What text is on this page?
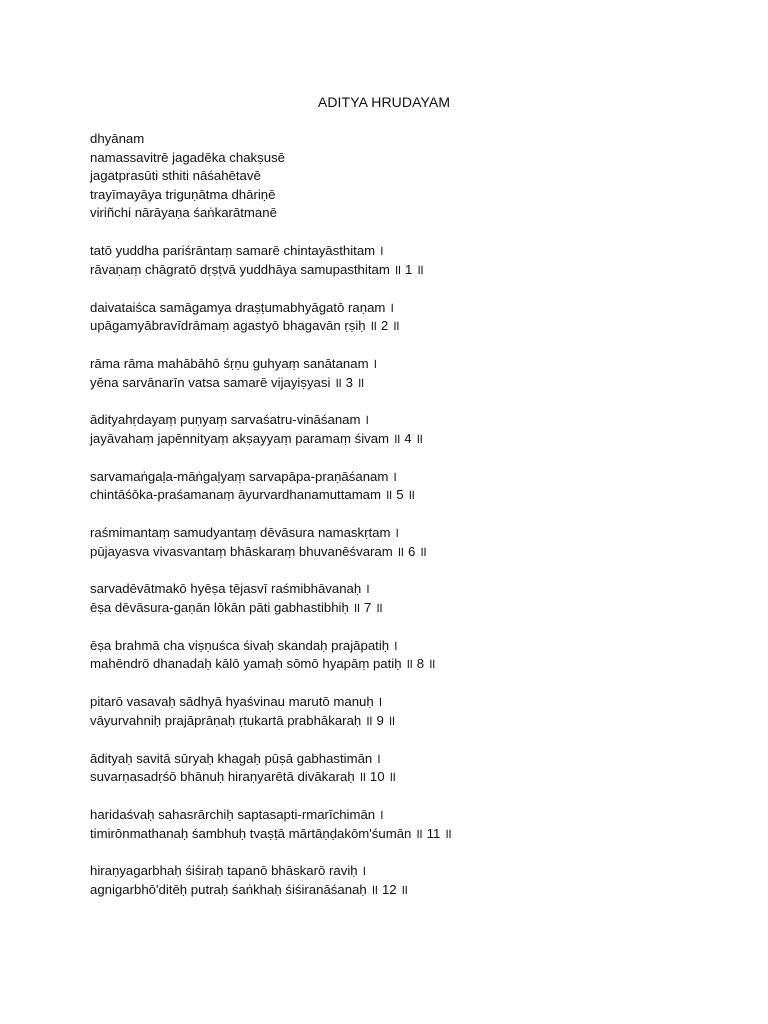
ADITYA HRUDAYAM
dhyānam
namassavitrē jagadēka chakṣusē
jagatprasūti sthiti nāśahētavē
trayīmayāya triguṇātma dhāriṇē
viriñchi nārāyaṇa śaṅkarātmanē
tatō yuddha pariśrāntaṃ samarē chintayāsthitam ।
rāvaṇaṃ chāgratō dṛṣṭvā yuddhāya samupasthitam ॥ 1 ॥
daivataiśca samāgamya draṣṭumabhyāgatō raṇam ।
upāgamyābravīdrāmaṃ agastyō bhagavān ṛṣiḥ ॥ 2 ॥
rāma rāma mahābāhō śṛṇu guhyaṃ sanātanam ।
yēna sarvānarīn vatsa samarē vijayiṣyasi ॥ 3 ॥
ādityahṛdayaṃ puṇyaṃ sarvaśatru-vināśanam ।
jayāvahaṃ japēnnityaṃ akṣayyaṃ paramaṃ śivam ॥ 4 ॥
sarvamaṅgaḷa-māṅgaḷyaṃ sarvapāpa-praṇāśanam ।
chintāśōka-praśamanaṃ āyurvardhanamuttamam ॥ 5 ॥
raśmimantaṃ samudyantaṃ dēvāsura namaskṛtam ।
pūjayasva vivasvantaṃ bhāskaraṃ bhuvanēśvaram ॥ 6 ॥
sarvadēvātmakō hyēṣa tējasvī raśmibhāvanaḥ ।
ēṣa dēvāsura-gaṇān lōkān pāti gabhastibhiḥ ॥ 7 ॥
ēṣa brahmā cha viṣṇuśca śivaḥ skandaḥ prajāpatiḥ ।
mahēndrō dhanadaḥ kālō yamaḥ sōmō hyapāṃ patiḥ ॥ 8 ॥
pitarō vasavaḥ sādhyā hyaśvinau marutō manuḥ ।
vāyurvahniḥ prajāprāṇaḥ ṛtukartā prabhākaraḥ ॥ 9 ॥
ādityaḥ savitā sūryaḥ khagaḥ pūṣā gabhastimān ।
suvarṇasadṛśō bhānuḥ hiraṇyarētā divākaraḥ ॥ 10 ॥
haridaśvaḥ sahasrārchiḥ saptasapti-rmarīchimān ।
timirōnmathanaḥ śambhuḥ tvaṣṭā mārtāṇḍakōm'śumān ॥ 11 ॥
hiraṇyagarbhaḥ śiśiraḥ tapanō bhāskarō raviḥ ।
agnigarbhō'ditēḥ putraḥ śaṅkhaḥ śiśiranāśanaḥ ॥ 12 ॥
